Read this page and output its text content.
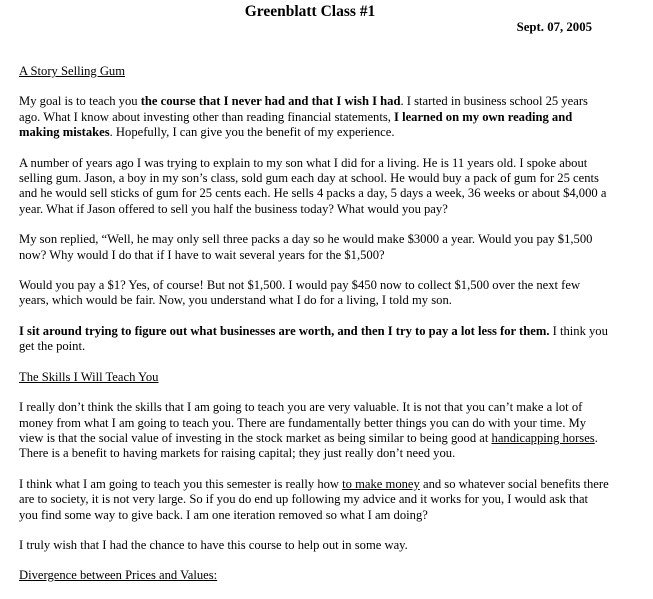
Greenblatt Class #1
Sept. 07, 2005
A Story Selling Gum

My goal is to teach you the course that I never had and that I wish I had. I started in business school 25 years ago. What I know about investing other than reading financial statements, I learned on my own reading and making mistakes. Hopefully, I can give you the benefit of my experience.

A number of years ago I was trying to explain to my son what I did for a living. He is 11 years old. I spoke about selling gum. Jason, a boy in my son’s class, sold gum each day at school. He would buy a pack of gum for 25 cents and he would sell sticks of gum for 25 cents each. He sells 4 packs a day, 5 days a week, 36 weeks or about $4,000 a year. What if Jason offered to sell you half the business today? What would you pay?

My son replied, “Well, he may only sell three packs a day so he would make $3000 a year. Would you pay $1,500 now? Why would I do that if I have to wait several years for the $1,500?

Would you pay a $1? Yes, of course! But not $1,500. I would pay $450 now to collect $1,500 over the next few years, which would be fair. Now, you understand what I do for a living, I told my son.

I sit around trying to figure out what businesses are worth, and then I try to pay a lot less for them. I think you get the point.

The Skills I Will Teach You

I really don’t think the skills that I am going to teach you are very valuable. It is not that you can’t make a lot of money from what I am going to teach you. There are fundamentally better things you can do with your time. My view is that the social value of investing in the stock market as being similar to being good at handicapping horses. There is a benefit to having markets for raising capital; they just really don’t need you.

I think what I am going to teach you this semester is really how to make money and so whatever social benefits there are to society, it is not very large. So if you do end up following my advice and it works for you, I would ask that you find some way to give back. I am one iteration removed so what I am doing?

I truly wish that I had the chance to have this course to help out in some way.

Divergence between Prices and Values:
